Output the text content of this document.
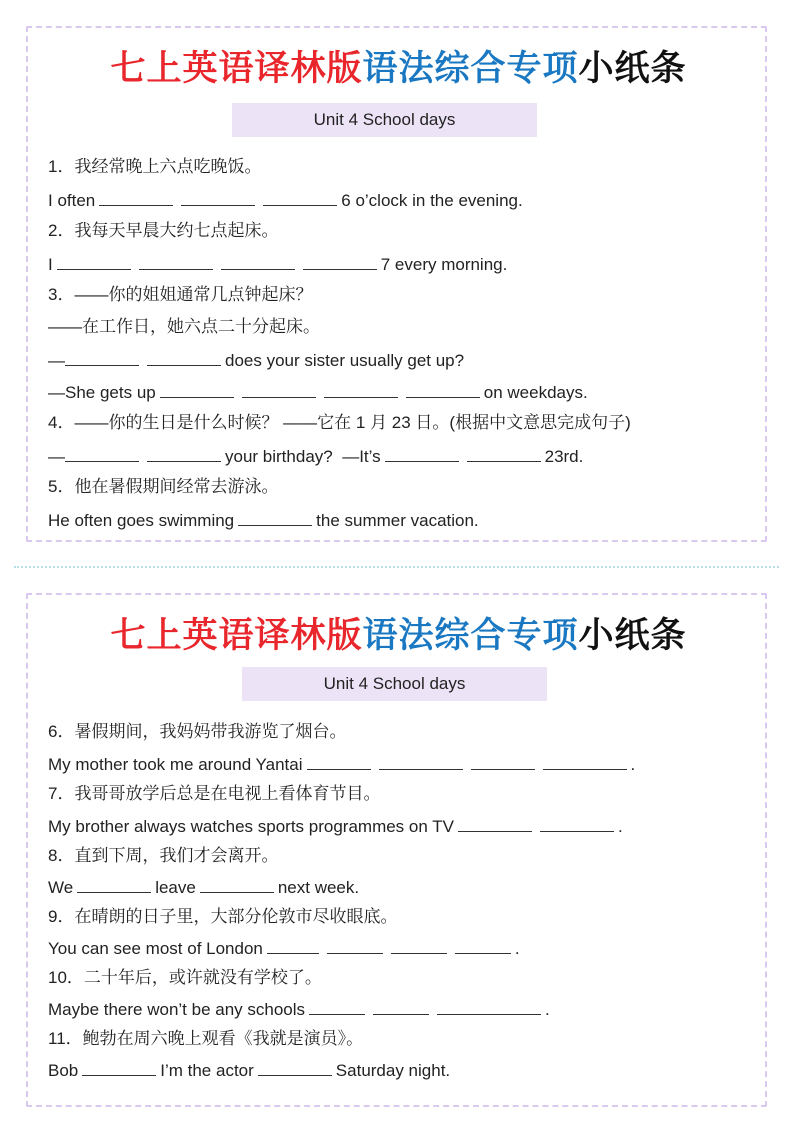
七上英语译林版语法综合专项小纸条
Unit 4 School days
1．我经常晚上六点吃晚饭。
I often	6 o’clock in the evening.
2．我每天早晨大约七点起床。
I	7 every morning.
3．——你的姐姐通常几点钟起床？
——在工作日，她六点二十分起床。
—	does your sister usually get up?
—She gets up	on weekdays.
4．——你的生日是什么时候？ ——它在 1 月 23 日。(根据中文意思完成句子)
—	your birthday? —It’s	23rd.
5．他在暑假期间经常去游泳。
He often goes swimming	the summer vacation.
七上英语译林版语法综合专项小纸条
Unit 4 School days
6．暑假期间，我妈妈带我游览了烟台。
My mother took me around Yantai	.
7．我哥哥放学后总是在电视上看体育节目。
My brother always watches sports programmes on TV	.
8．直到下周，我们才会离开。
We	leave	next week.
9．在晴朗的日子里，大部分伦敦市尽收眼底。
You can see most of London	.
10．二十年后，或许就没有学校了。
Maybe there won’t be any schools	.
11．鲍勃在周六晚上观看《我就是演员》。
Bob	I’m the actor	Saturday night.
